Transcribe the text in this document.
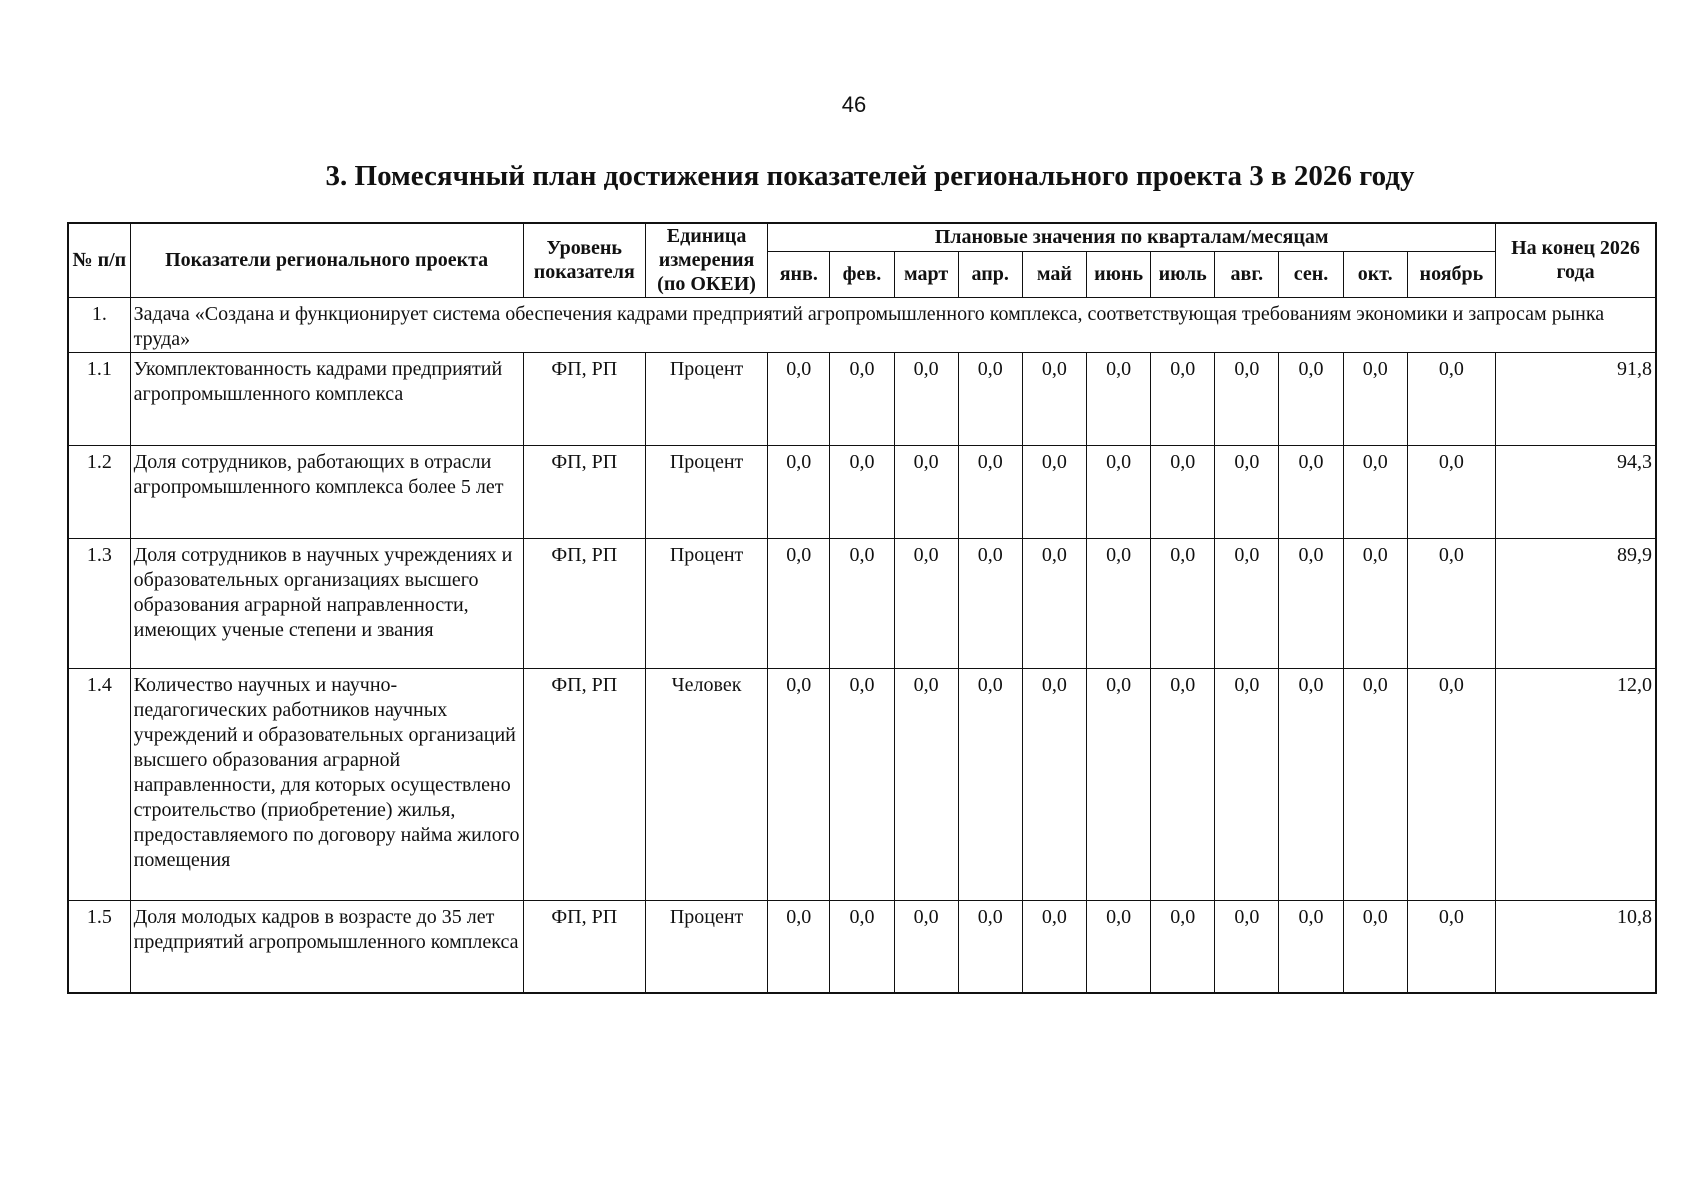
46
3. Помесячный план достижения показателей регионального проекта 3 в 2026 году
№ п/п	Показатели регионального проекта	Уровень показателя	Единица измерения (по ОКЕИ)	Плановые значения по кварталам/месяцам											На конец 2026 года
				янв.	фев.	март	апр.	май	июнь	июль	авг.	сен.	окт.	ноябрь	
1.	Задача «Создана и функционирует система обеспечения кадрами предприятий агропромышленного комплекса, соответствующая требованиям экономики и запросам рынка труда»														
1.1	Укомплектованность кадрами предприятий агропромышленного комплекса	ФП, РП	Процент	0,0	0,0	0,0	0,0	0,0	0,0	0,0	0,0	0,0	0,0	0,0	91,8
1.2	Доля сотрудников, работающих в отрасли агропромышленного комплекса более 5 лет	ФП, РП	Процент	0,0	0,0	0,0	0,0	0,0	0,0	0,0	0,0	0,0	0,0	0,0	94,3
1.3	Доля сотрудников в научных учреждениях и образовательных организациях высшего образования аграрной направленности, имеющих ученые степени и звания	ФП, РП	Процент	0,0	0,0	0,0	0,0	0,0	0,0	0,0	0,0	0,0	0,0	0,0	89,9
1.4	Количество научных и научно-педагогических работников научных учреждений и образовательных организаций высшего образования аграрной направленности, для которых осуществлено строительство (приобретение) жилья, предоставляемого по договору найма жилого помещения	ФП, РП	Человек	0,0	0,0	0,0	0,0	0,0	0,0	0,0	0,0	0,0	0,0	0,0	12,0
1.5	Доля молодых кадров в возрасте до 35 лет предприятий агропромышленного комплекса	ФП, РП	Процент	0,0	0,0	0,0	0,0	0,0	0,0	0,0	0,0	0,0	0,0	0,0	10,8
